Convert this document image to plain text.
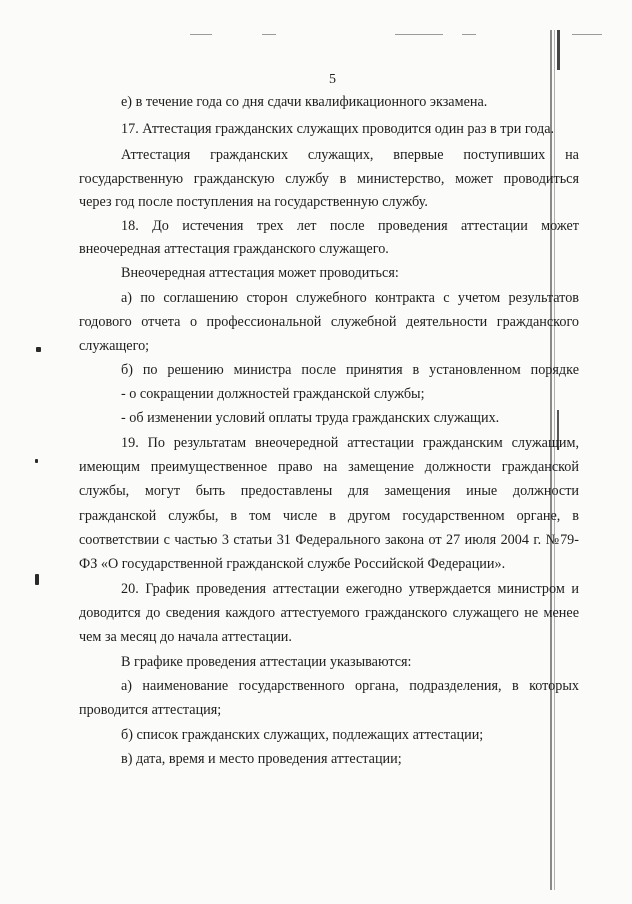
5
е) в течение года со дня сдачи квалификационного экзамена.
17. Аттестация гражданских служащих проводится один раз в три года.
Аттестация гражданских служащих, впервые поступивших на
государственную гражданскую службу в министерство, может проводиться
через год после поступления на государственную службу.
18. До истечения трех лет после проведения аттестации может
внеочередная аттестация гражданского служащего.
Внеочередная аттестация может проводиться:
а) по соглашению сторон служебного контракта с учетом результатов
годового отчета о профессиональной служебной деятельности гражданского
служащего;
б) по решению министра после принятия в установленном порядке
- о сокращении должностей гражданской службы;
- об изменении условий оплаты труда гражданских служащих.
19. По результатам внеочередной аттестации гражданским служащим,
имеющим преимущественное право на замещение должности гражданской
службы, могут быть предоставлены для замещения иные должности
гражданской службы, в том числе в другом государственном органе, в
соответствии с частью 3 статьи 31 Федерального закона от 27 июля 2004 г. №79-
ФЗ «О государственной гражданской службе Российской Федерации».
20. График проведения аттестации ежегодно утверждается министром и
доводится до сведения каждого аттестуемого гражданского служащего не менее
чем за месяц до начала аттестации.
В графике проведения аттестации указываются:
а) наименование государственного органа, подразделения, в которых
проводится аттестация;
б) список гражданских служащих, подлежащих аттестации;
в) дата, время и место проведения аттестации;
